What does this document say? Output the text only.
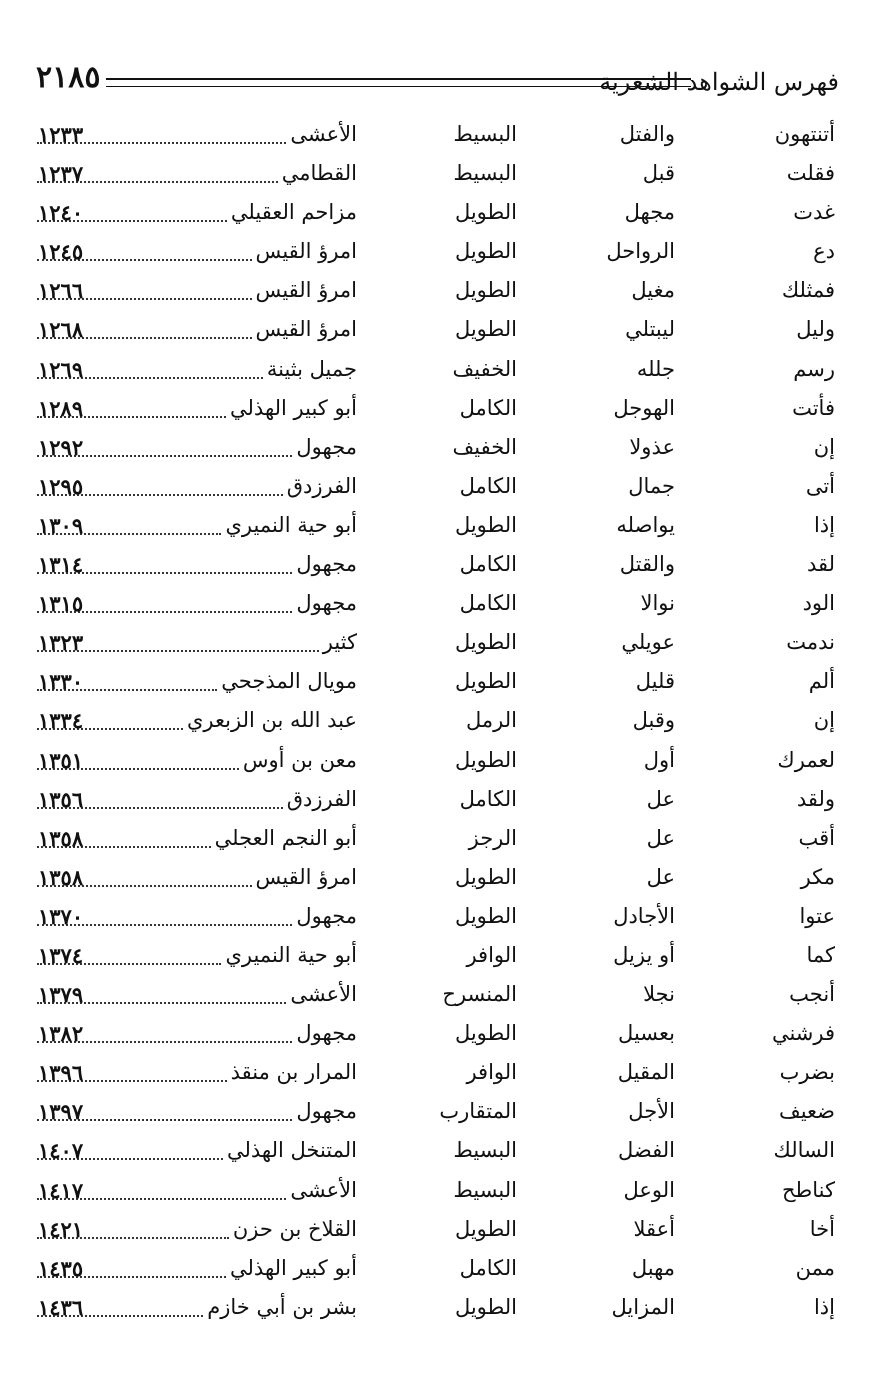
٢١٨٥	فهرس الشواهد الشعرية
أتنتهون
والفتل
البسيط
الأعشى
١٢٣٣
فقلت
قبل
البسيط
القطامي
١٢٣٧
غدت
مجهل
الطويل
مزاحم العقيلي
١٢٤٠
دع
الرواحل
الطويل
امرؤ القيس
١٢٤٥
فمثلك
مغيل
الطويل
امرؤ القيس
١٢٦٦
وليل
ليبتلي
الطويل
امرؤ القيس
١٢٦٨
رسم
جلله
الخفيف
جميل بثينة
١٢٦٩
فأتت
الهوجل
الكامل
أبو كبير الهذلي
١٢٨٩
إن
عذولا
الخفيف
مجهول
١٢٩٢
أتى
جمال
الكامل
الفرزدق
١٢٩٥
إذا
يواصله
الطويل
أبو حية النميري
١٣٠٩
لقد
والقتل
الكامل
مجهول
١٣١٤
الود
نوالا
الكامل
مجهول
١٣١٥
ندمت
عويلي
الطويل
كثير
١٣٢٣
ألم
قليل
الطويل
مويال المذجحي
١٣٣٠
إن
وقبل
الرمل
عبد الله بن الزبعري
١٣٣٤
لعمرك
أول
الطويل
معن بن أوس
١٣٥١
ولقد
عل
الكامل
الفرزدق
١٣٥٦
أقب
عل
الرجز
أبو النجم العجلي
١٣٥٨
مكر
عل
الطويل
امرؤ القيس
١٣٥٨
عتوا
الأجادل
الطويل
مجهول
١٣٧٠
كما
أو يزيل
الوافر
أبو حية النميري
١٣٧٤
أنجب
نجلا
المنسرح
الأعشى
١٣٧٩
فرشني
بعسيل
الطويل
مجهول
١٣٨٢
بضرب
المقيل
الوافر
المرار بن منقذ
١٣٩٦
ضعيف
الأجل
المتقارب
مجهول
١٣٩٧
السالك
الفضل
البسيط
المتنخل الهذلي
١٤٠٧
كناطح
الوعل
البسيط
الأعشى
١٤١٧
أخا
أعقلا
الطويل
القلاخ بن حزن
١٤٢١
ممن
مهبل
الكامل
أبو كبير الهذلي
١٤٣٥
إذا
المزايل
الطويل
بشر بن أبي خازم
١٤٣٦
